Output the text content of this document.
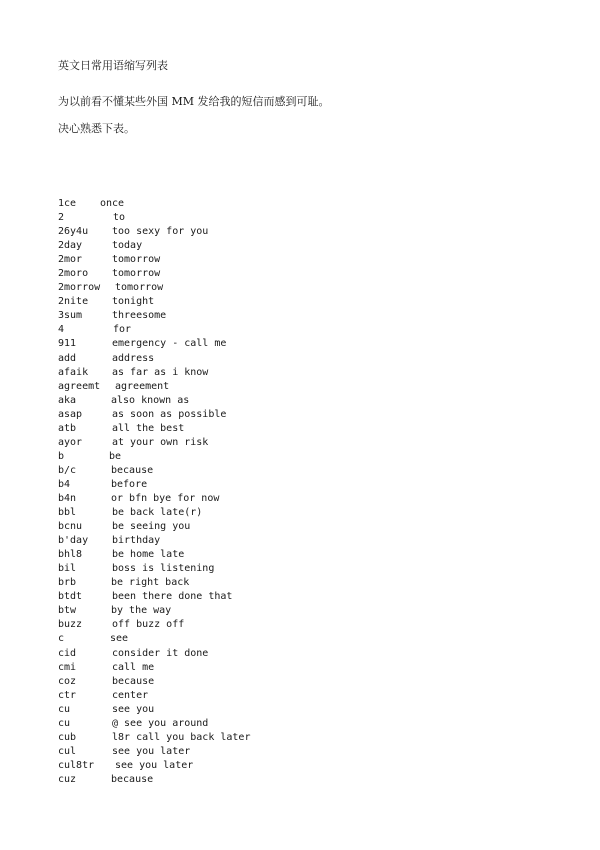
英文日常用语缩写列表
为以前看不懂某些外国 MM 发给我的短信而感到可耻。
决心熟悉下表。
1ce	once
2	to
26y4u	too sexy for you
2day	today
2mor	tomorrow
2moro	tomorrow
2morrow	tomorrow
2nite	tonight
3sum	threesome
4	for
911	emergency - call me
add	address
afaik	as far as i know
agreemt	agreement
aka	also known as
asap	as soon as possible
atb	all the best
ayor	at your own risk
b	be
b/c	because
b4	before
b4n	or bfn bye for now
bbl	be back late(r)
bcnu	be seeing you
b'day	birthday
bhl8	be home late
bil	boss is listening
brb	be right back
btdt	been there done that
btw	by the way
buzz	off buzz off
c	see
cid	consider it done
cmi	call me
coz	because
ctr	center
cu	see you
cu	@ see you around
cub	l8r call you back later
cul	see you later
cul8tr	see you later
cuz	because
